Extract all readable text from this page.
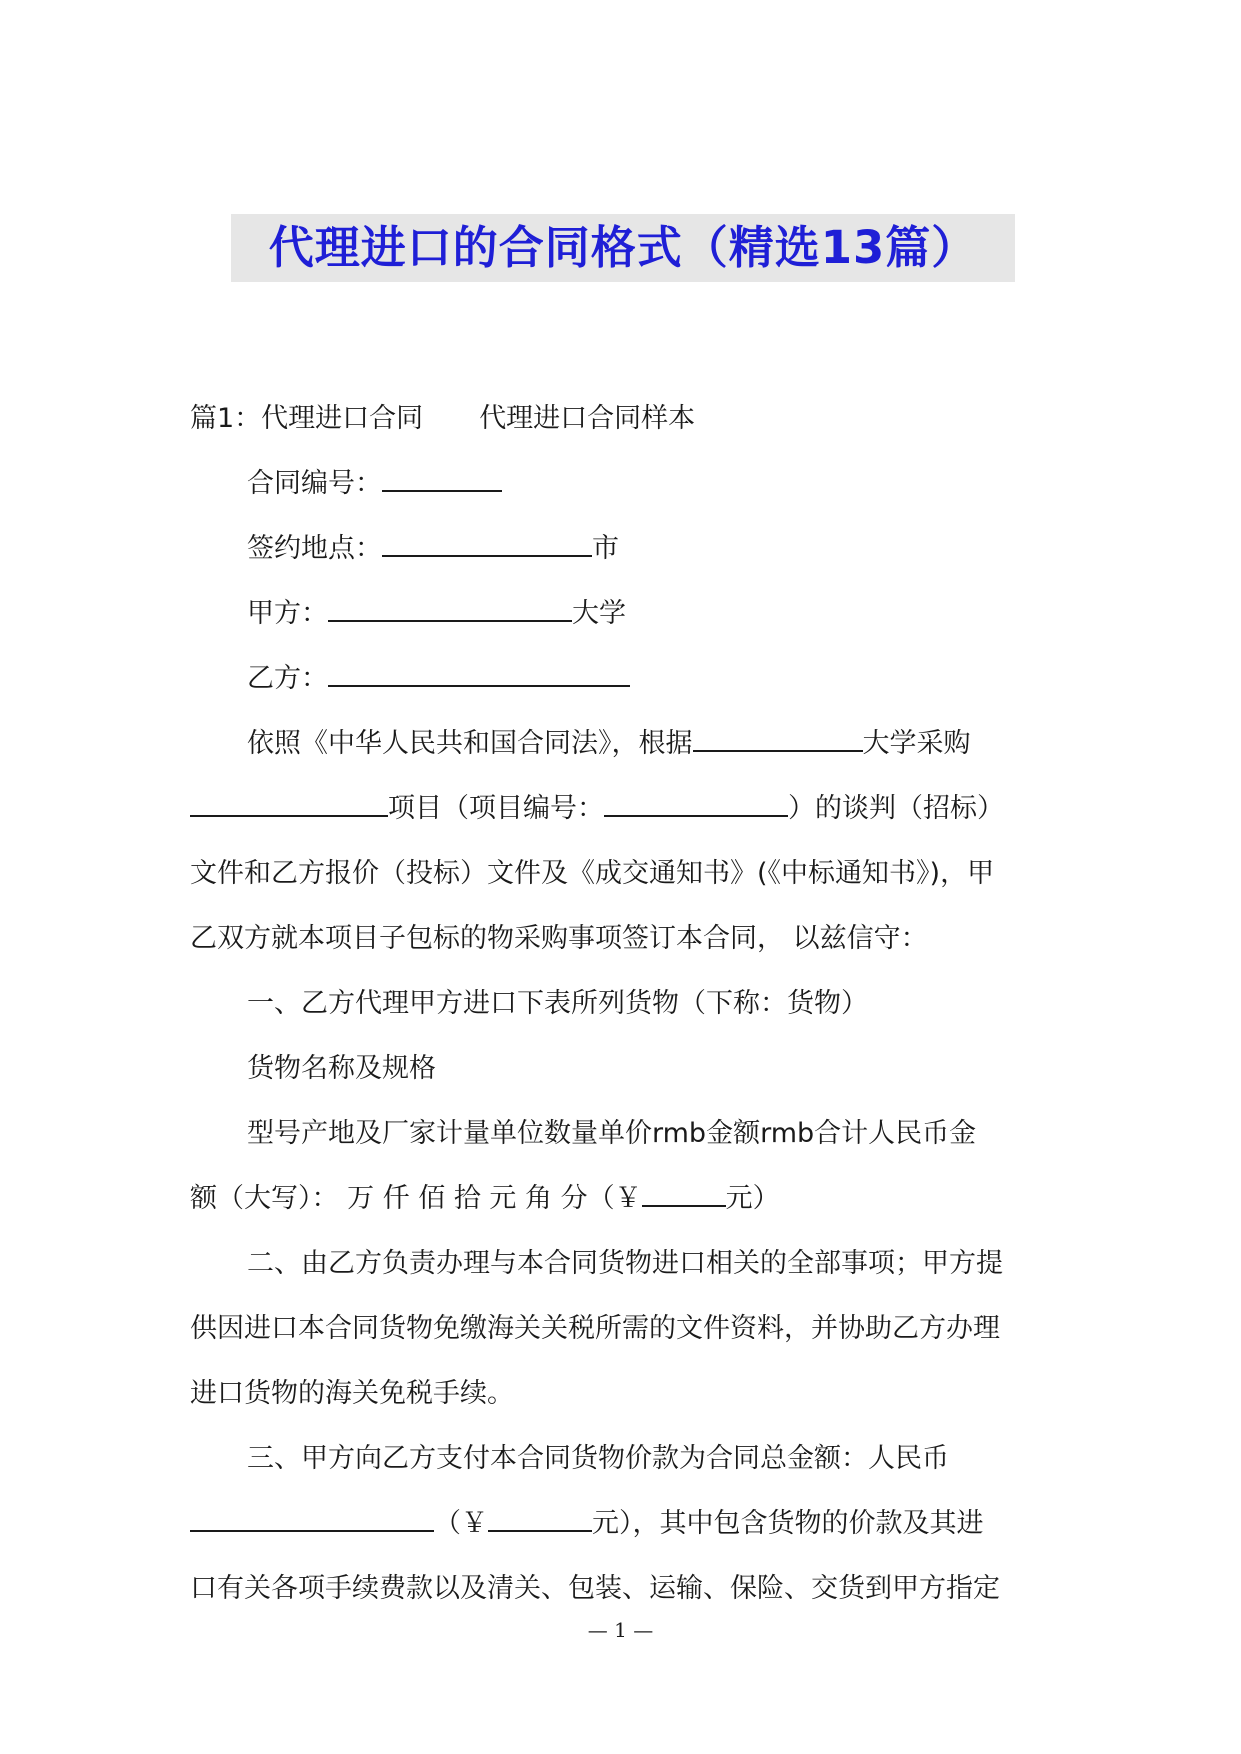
代理进口的合同格式（精选13篇）
篇1：代理进口合同 代理进口合同样本
合同编号：
签约地点：	市
甲方：	大学
乙方：
依照《中华人民共和国合同法》，根据	大学采购
项目（项目编号：	）的谈判（招标）
文件和乙方报价（投标）文件及《成交通知书》(《中标通知书》)，甲
乙双方就本项目子包标的物采购事项签订本合同， 以兹信守：
一、乙方代理甲方进口下表所列货物（下称：货物）
货物名称及规格
型号产地及厂家计量单位数量单价rmb金额rmb合计人民币金
额（大写）： 万 仟 佰 拾 元 角 分（￥	元）
二、由乙方负责办理与本合同货物进口相关的全部事项；甲方提
供因进口本合同货物免缴海关关税所需的文件资料，并协助乙方办理
进口货物的海关免税手续。
三、甲方向乙方支付本合同货物价款为合同总金额：人民币
（￥	元），其中包含货物的价款及其进
口有关各项手续费款以及清关、包装、运输、保险、交货到甲方指定
— 1 —
